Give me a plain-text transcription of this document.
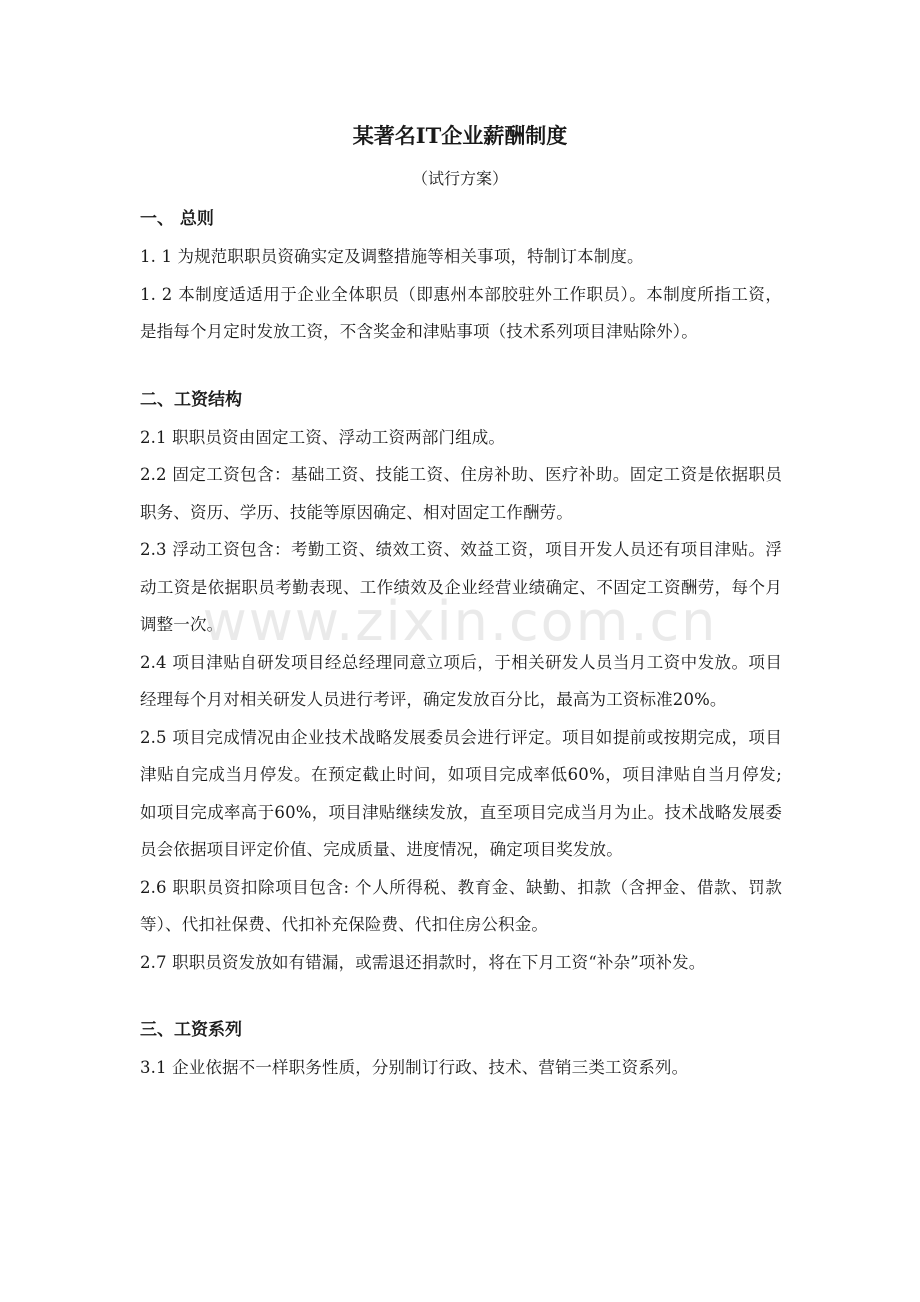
www.zixin.com.cn
某著名IT企业薪酬制度
（试行方案）
一、 总则
1. 1 为规范职职员资确实定及调整措施等相关事项，特制订本制度。
1. 2 本制度适适用于企业全体职员（即惠州本部胶驻外工作职员）。本制度所指工资，是指每个月定时发放工资，不含奖金和津贴事项（技术系列项目津贴除外）。
二、工资结构
2.1 职职员资由固定工资、浮动工资两部门组成。
2.2 固定工资包含：基础工资、技能工资、住房补助、医疗补助。固定工资是依据职员职务、资历、学历、技能等原因确定、相对固定工作酬劳。
2.3 浮动工资包含：考勤工资、绩效工资、效益工资，项目开发人员还有项目津贴。浮动工资是依据职员考勤表现、工作绩效及企业经营业绩确定、不固定工资酬劳，每个月调整一次。
2.4 项目津贴自研发项目经总经理同意立项后，于相关研发人员当月工资中发放。项目经理每个月对相关研发人员进行考评，确定发放百分比，最高为工资标准20%。
2.5 项目完成情况由企业技术战略发展委员会进行评定。项目如提前或按期完成，项目津贴自完成当月停发。在预定截止时间，如项目完成率低60%，项目津贴自当月停发; 如项目完成率高于60%，项目津贴继续发放，直至项目完成当月为止。技术战略发展委员会依据项目评定价值、完成质量、进度情况，确定项目奖发放。
2.6 职职员资扣除项目包含: 个人所得税、教育金、缺勤、扣款（含押金、借款、罚款等）、代扣社保费、代扣补充保险费、代扣住房公积金。
2.7 职职员资发放如有错漏，或需退还捐款时，将在下月工资“补杂”项补发。
三、工资系列
3.1 企业依据不一样职务性质，分别制订行政、技术、营销三类工资系列。
